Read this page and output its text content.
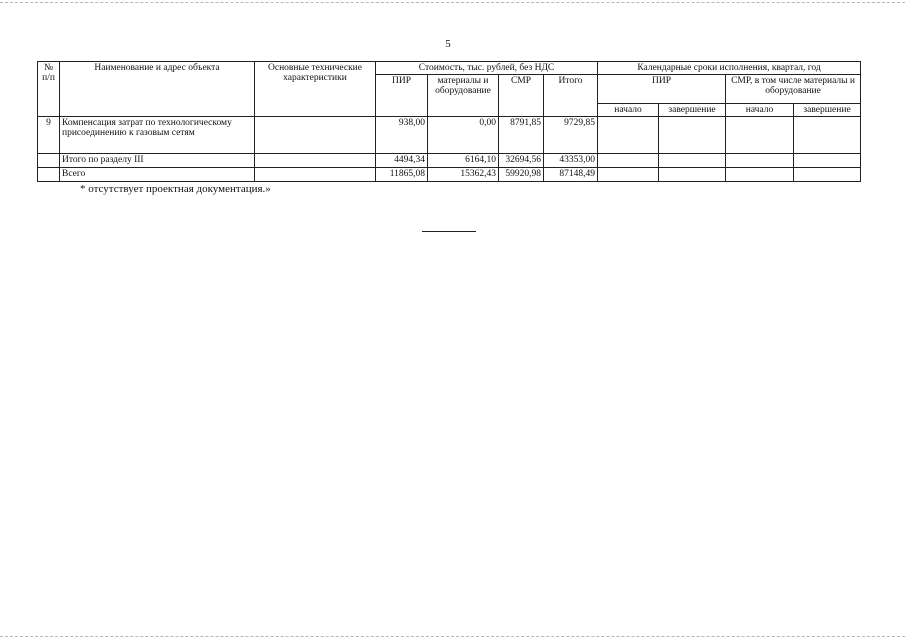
5
№ п/п	Наименование и адрес объекта	Основные технические характеристики	Стоимость, тыс. рублей, без НДС				Календарные сроки исполнения, квартал, год			
			ПИР	материалы и оборудование	СМР	Итого	ПИР		СМР, в том числе материалы и оборудование	
							начало	завершение	начало	завершение
9	Компенсация затрат по технологическому присоединению к газовым сетям		938,00	0,00	8791,85	9729,85				
	Итого по разделу III		4494,34	6164,10	32694,56	43353,00				
	Всего		11865,08	15362,43	59920,98	87148,49				
* отсутствует проектная документация.»
